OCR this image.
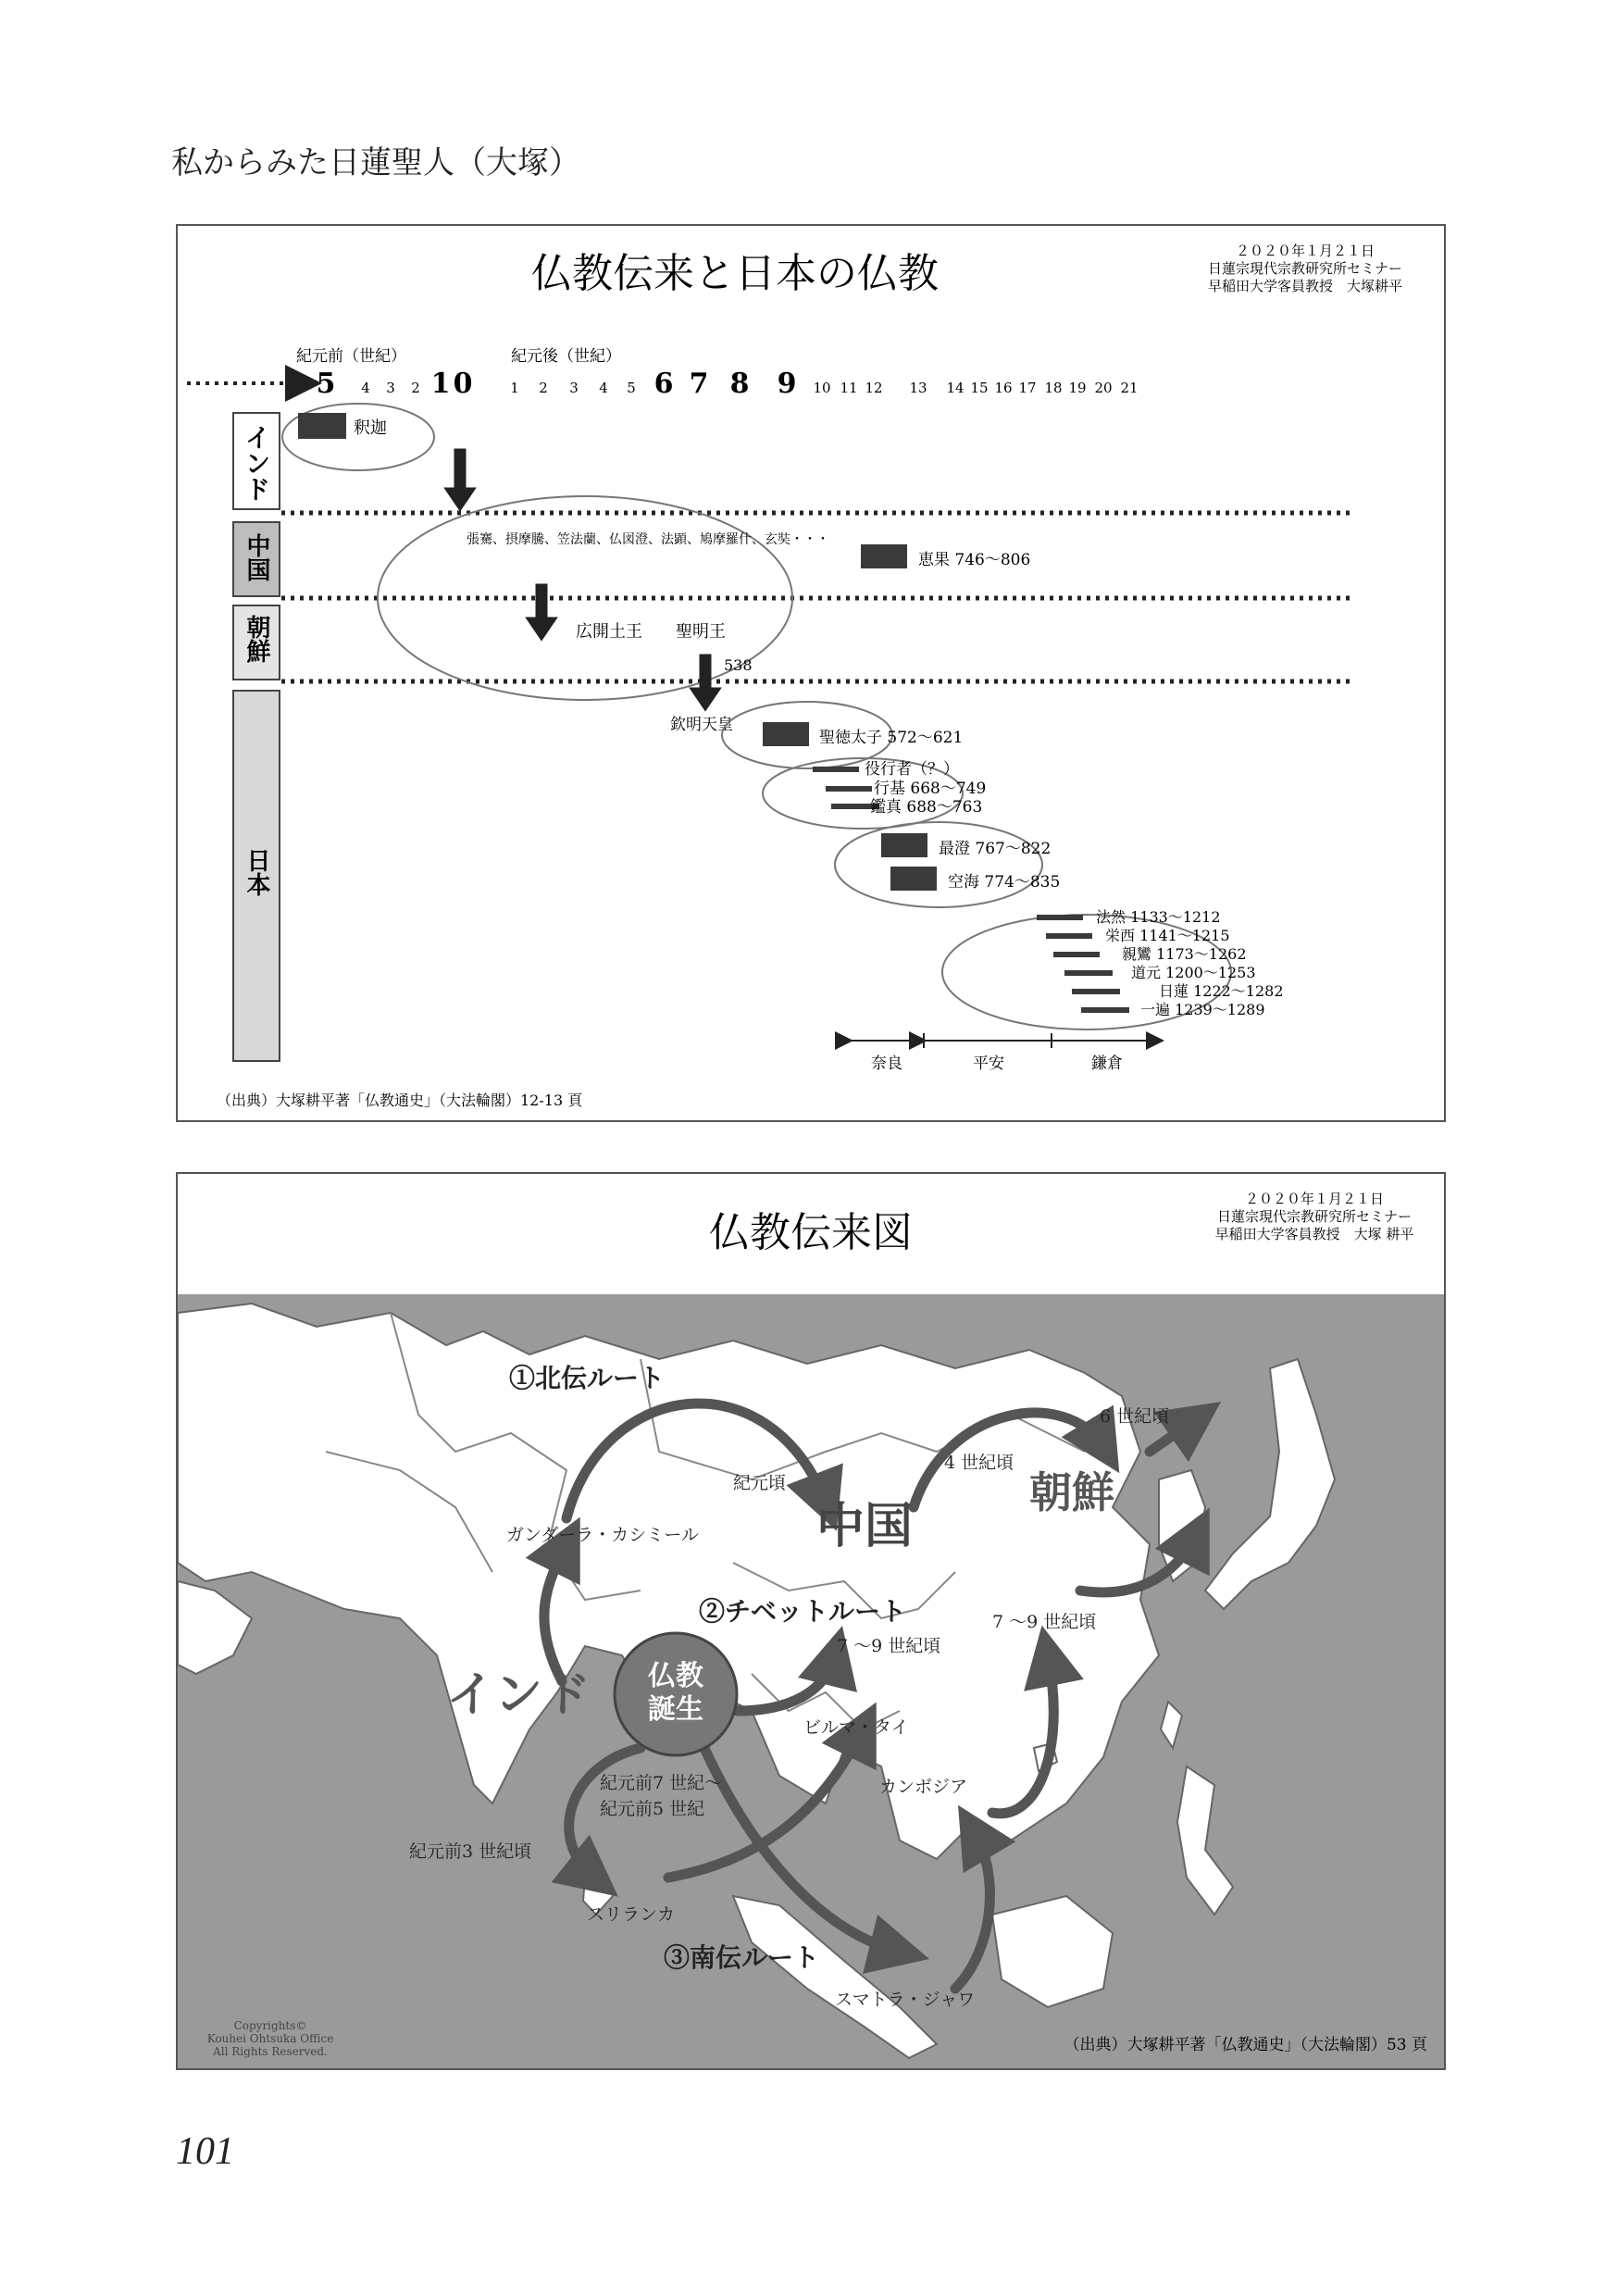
私からみた日蓮聖人（大塚）
仏教伝来と日本の仏教	２０２０年１月２１日
日蓮宗現代宗教研究所セミナー
早稲田大学客員教授　大塚耕平
紀元前（世紀）	紀元後（世紀）
5 4 3 2 1 0	1 2 3 4 5 6 7 8 9 10 11 12 13 14 15 16 17 18 19 20 21
インド
中国
朝鮮
日本
釈迦
張騫、摂摩騰、笠法蘭、仏図澄、法顕、鳩摩羅什、玄奘・・・
恵果 746〜806
広開土王　　聖明王
538
欽明天皇
聖徳太子 572〜621
役行者（？）
行基 668〜749
鑑真 688〜763
最澄 767〜822
空海 774〜835
法然 1133〜1212
栄西 1141〜1215
親鸞 1173〜1262
道元 1200〜1253
日蓮 1222〜1282
一遍 1239〜1289
奈良	平安	鎌倉
（出典）大塚耕平著「仏教通史」（大法輪閣）12-13 頁
仏教伝来図
２０２０年１月２１日
日蓮宗現代宗教研究所セミナー
早稲田大学客員教授　大塚 耕平
仏教
誕生
①北伝ルート
②チベットルート
③南伝ルート
中国
朝鮮
インド
ガンダーラ・カシミール
紀元頃
4 世紀頃
6 世紀頃
7 〜9 世紀頃
7 〜9 世紀頃
ビルマ・タイ
カンボジア
紀元前7 世紀〜
紀元前5 世紀
紀元前3 世紀頃
スリランカ
スマトラ・ジャワ
Copyrights©
Kouhei Ohtsuka Office
All Rights Reserved.	（出典）大塚耕平著「仏教通史」（大法輪閣）53 頁
101
